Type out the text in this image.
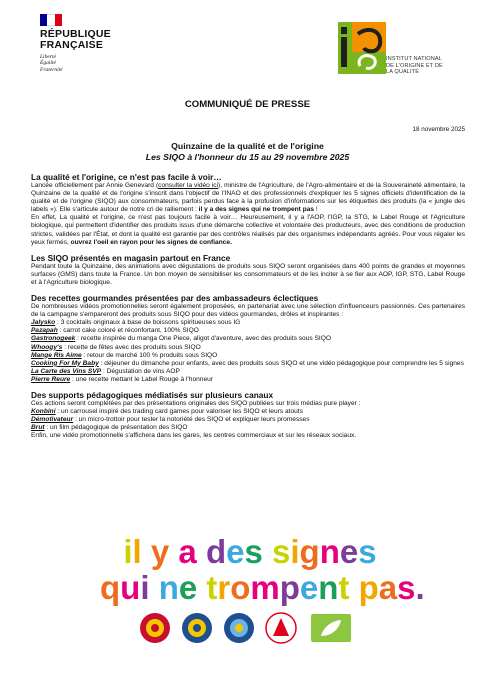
RÉPUBLIQUE
FRANÇAISE
Liberté
Égalité
Fraternité
INSTITUT NATIONAL
DE L'ORIGINE ET DE
LA QUALITÉ
COMMUNIQUÉ DE PRESSE
18 novembre 2025
Quinzaine de la qualité et de l'origine
Les SIQO à l'honneur du 15 au 29 novembre 2025

La qualité et l'origine, ce n'est pas facile à voir…

Lancée officiellement par Annie Genevard (consulter la vidéo ici), ministre de l'Agriculture, de l'Agro-alimentaire et de la Souveraineté alimentaire, la Quinzaine de la qualité et de l'origine s'inscrit dans l'objectif de l'INAO et des professionnels d'expliquer les 5 signes officiels d'identification de la qualité et de l'origine (SIQO) aux consommateurs, parfois perdus face à la profusion d'informations sur les étiquettes des produits (la « jungle des labels »). Elle s'articule autour de notre cri de ralliement : il y a des signes qui ne trompent pas !

En effet, La qualité et l'origine, ce n'est pas toujours facile à voir… Heureusement, il y a l'AOP, l'IGP, la STG, le Label Rouge et l'Agriculture biologique, qui permettent d'identifier des produits issus d'une démarche collective et volontaire des producteurs, avec des conditions de production strictes, validées par l'État, et dont la qualité est garantie par des contrôles réalisés par des organismes indépendants agréés. Pour vous régaler les yeux fermés, ouvrez l'oeil en rayon pour les signes de confiance.

Les SIQO présentés en magasin partout en France

Pendant toute la Quinzaine, des animations avec dégustations de produits sous SIQO seront organisées dans 400 points de grandes et moyennes surfaces (GMS) dans toute la France. Un bon moyen de sensibiliser les consommateurs et de les inciter à se fier aux AOP, IGP, STG, Label Rouge et à l'Agriculture biologique.

Des recettes gourmandes présentées par des ambassadeurs éclectiques

De nombreuses vidéos promotionnelles seront également proposées, en partenariat avec une sélection d'influenceurs passionnés. Ces partenaires de la campagne s'empareront des produits sous SIQO pour des vidéos gourmandes, drôles et inspirantes :

Jalysko : 3 cocktails originaux à base de boissons spiritueuses sous IG

Pazapah : carrot cake coloré et réconfortant, 100% SIQO

Gastronogeek : recette inspirée du manga One Piece, aligot d'aventure, avec des produits sous SIQO

Whoogy's : recette de fêtes avec des produits sous SIQO

Mange Ris Aime : retour de marché 100 % produits sous SIQO

Cooking For My Baby : déjeuner du dimanche pour enfants, avec des produits sous SIQO et une vidéo pédagogique pour comprendre les 5 signes

La Carte des Vins SVP : Dégustation de vins AOP

Pierre Reure : une recette mettant le Label Rouge à l'honneur

Des supports pédagogiques médiatisés sur plusieurs canaux

Ces actions seront complétées par des présentations originales des SIQO publiées sur trois médias pure player :

Konbini : un carrousel inspiré des trading card games pour valoriser les SIQO et leurs atouts

Démotivateur : un micro-trottoir pour tester la notoriété des SIQO et expliquer leurs promesses

Brut : un film pédagogique de présentation des SIQO

Enfin, une vidéo promotionnelle s'affichera dans les gares, les centres commerciaux et sur les réseaux sociaux.

il y a des signes
qui ne trompent pas.
